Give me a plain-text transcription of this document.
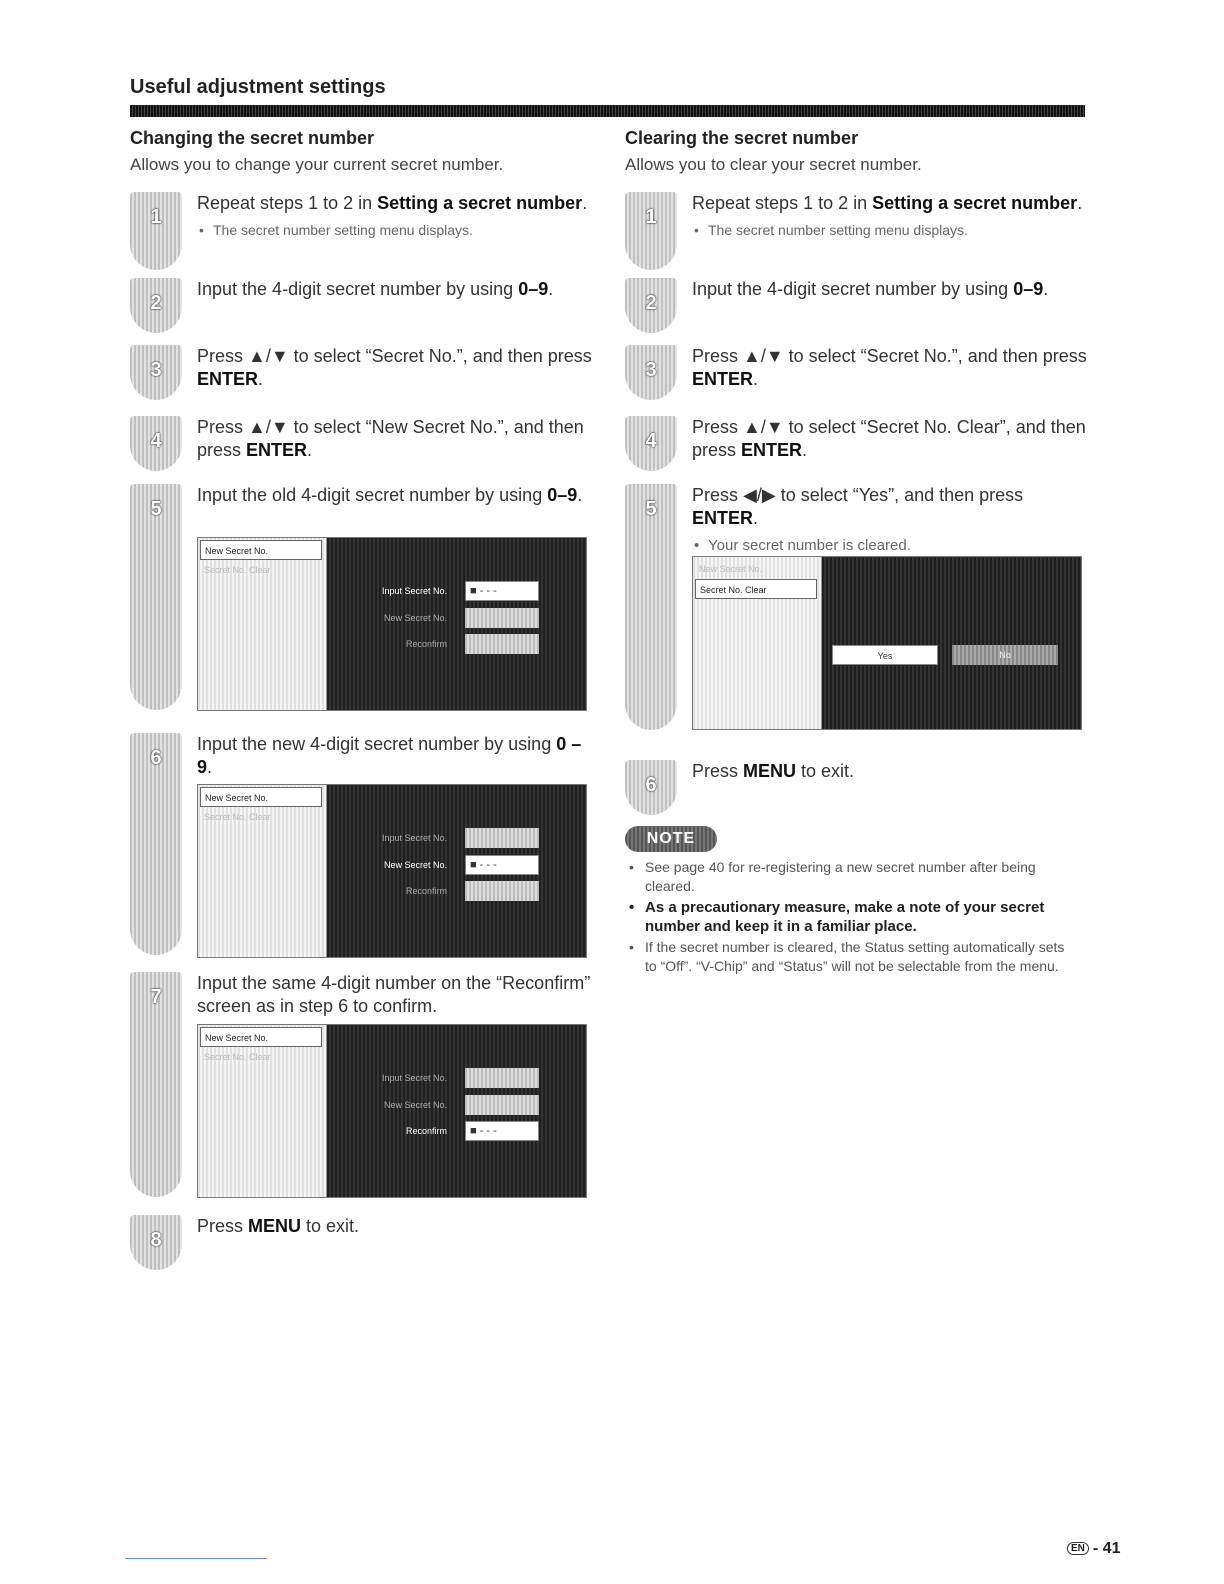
Useful adjustment settings

Changing the secret number

Allows you to change your current secret number.

1
Repeat steps 1 to 2 in Setting a secret number.
• The secret number setting menu displays.
2
Input the 4-digit secret number by using 0–9.
3
Press ▲/▼ to select “Secret No.”, and then press ENTER.
4
Press ▲/▼ to select “New Secret No.”, and then press ENTER.
5
Input the old 4-digit secret number by using 0–9.
New Secret No.
Secret No. Clear
Input Secret No.	■ - - -
New Secret No.
Reconfirm
6
Input the new 4-digit secret number by using 0 –9.
New Secret No.
Secret No. Clear
Input Secret No.
New Secret No.	■ - - -
Reconfirm
7
Input the same 4-digit number on the “Reconfirm” screen as in step 6 to confirm.
New Secret No.
Secret No. Clear
Input Secret No.
New Secret No.
Reconfirm	■ - - -
8
Press MENU to exit.

Clearing the secret number

Allows you to clear your secret number.

1
Repeat steps 1 to 2 in Setting a secret number.
• The secret number setting menu displays.
2
Input the 4-digit secret number by using 0–9.
3
Press ▲/▼ to select “Secret No.”, and then press ENTER.
4
Press ▲/▼ to select “Secret No. Clear”, and then press ENTER.
5
Press ◀/▶ to select “Yes”, and then press ENTER.
• Your secret number is cleared.
New Secret No.
Secret No. Clear
Yes	No
6
Press MENU to exit.
NOTE
• See page 40 for re-registering a new secret number after being cleared.
• As a precautionary measure, make a note of your secret number and keep it in a familiar place.
• If the secret number is cleared, the Status setting automatically sets to “Off”. “V-Chip” and “Status” will not be selectable from the menu.
EN - 41
